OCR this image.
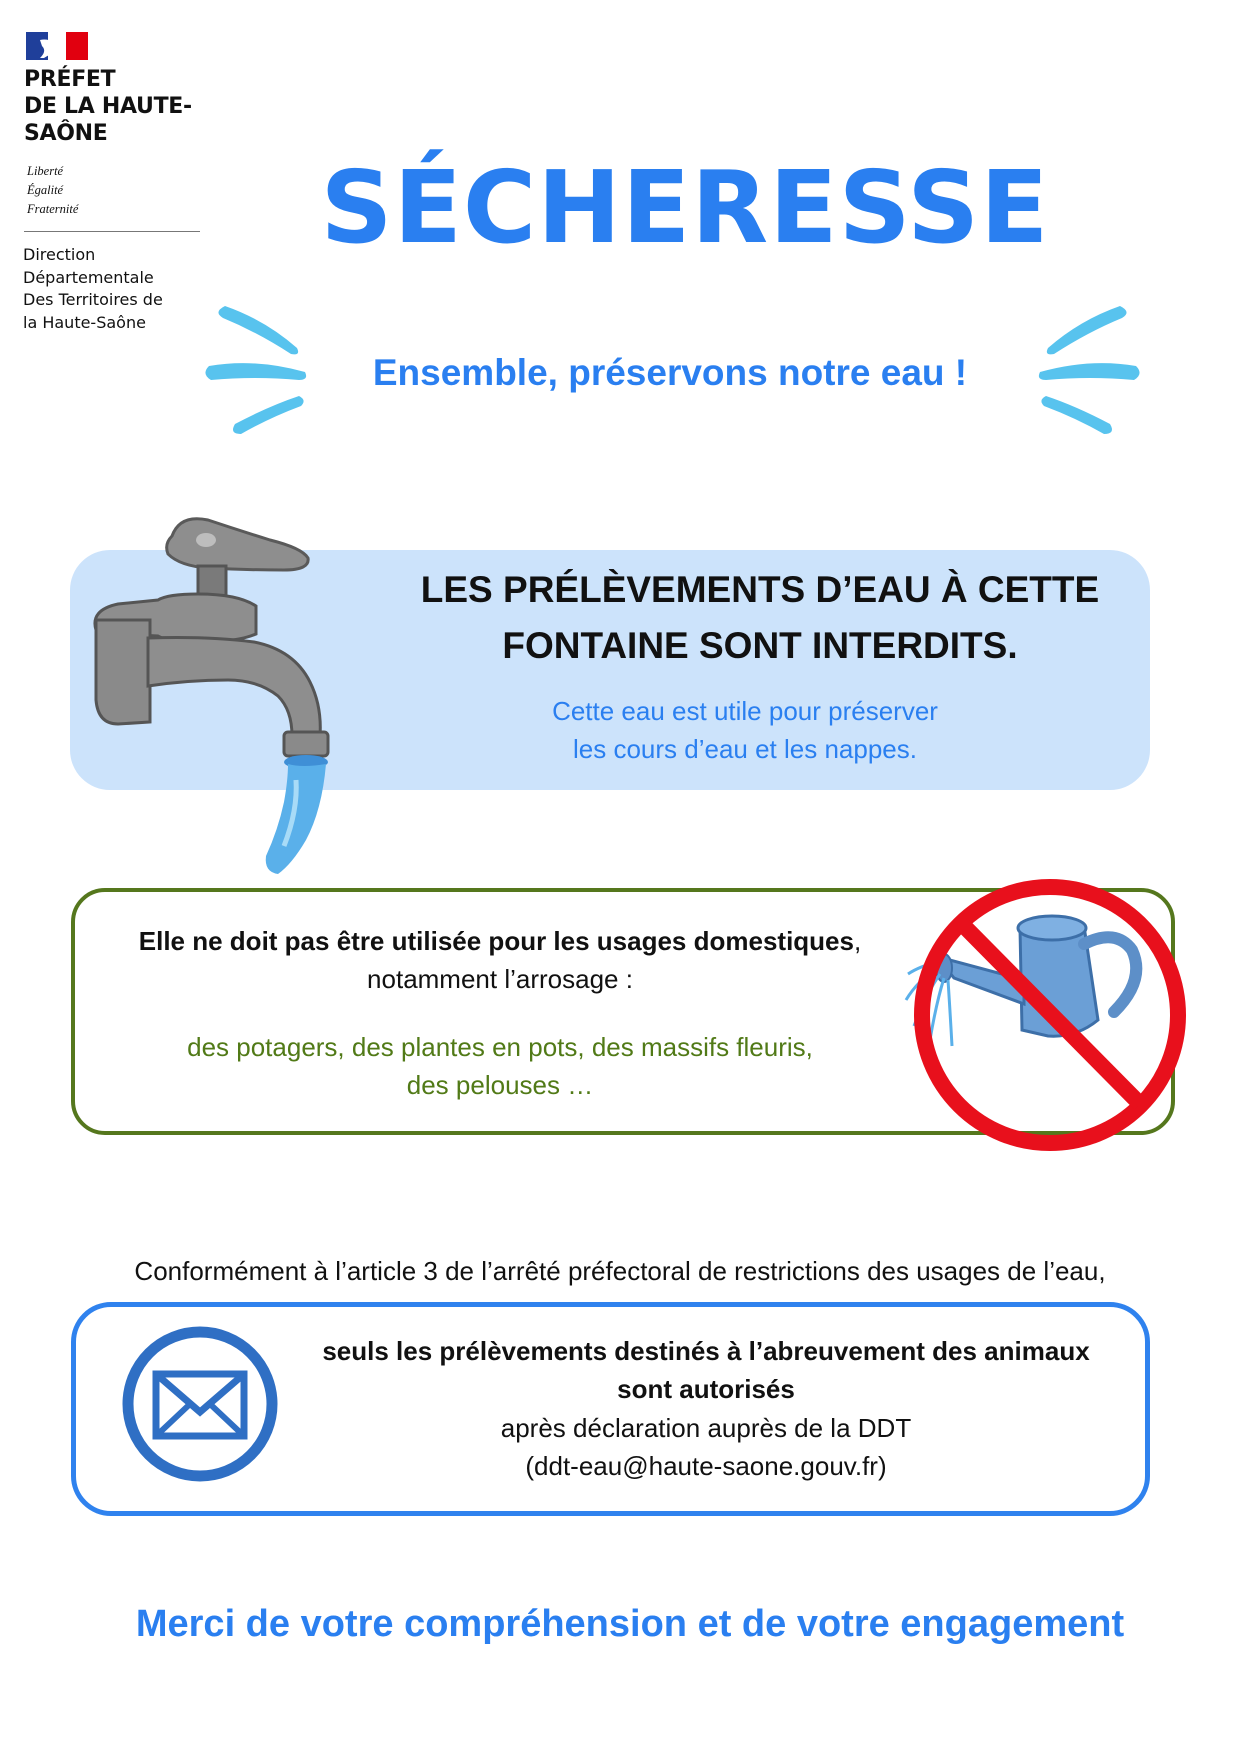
PRÉFET
DE LA HAUTE-
SAÔNE
Liberté
Égalité
Fraternité
Direction
Départementale
Des Territoires de
la Haute-Saône
SÉCHERESSE
Ensemble, préservons notre eau !
LES PRÉLÈVEMENTS D’EAU À CETTE
FONTAINE SONT INTERDITS.
Cette eau est utile pour préserver
les cours d’eau et les nappes.
Elle ne doit pas être utilisée pour les usages domestiques,
notamment l’arrosage :
des potagers, des plantes en pots, des massifs fleuris,
des pelouses …
Conformément à l’article 3 de l’arrêté préfectoral de restrictions des usages de l’eau,
seuls les prélèvements destinés à l’abreuvement des animaux
sont autorisés
après déclaration auprès de la DDT
(ddt-eau@haute-saone.gouv.fr)
Merci de votre compréhension et de votre engagement
